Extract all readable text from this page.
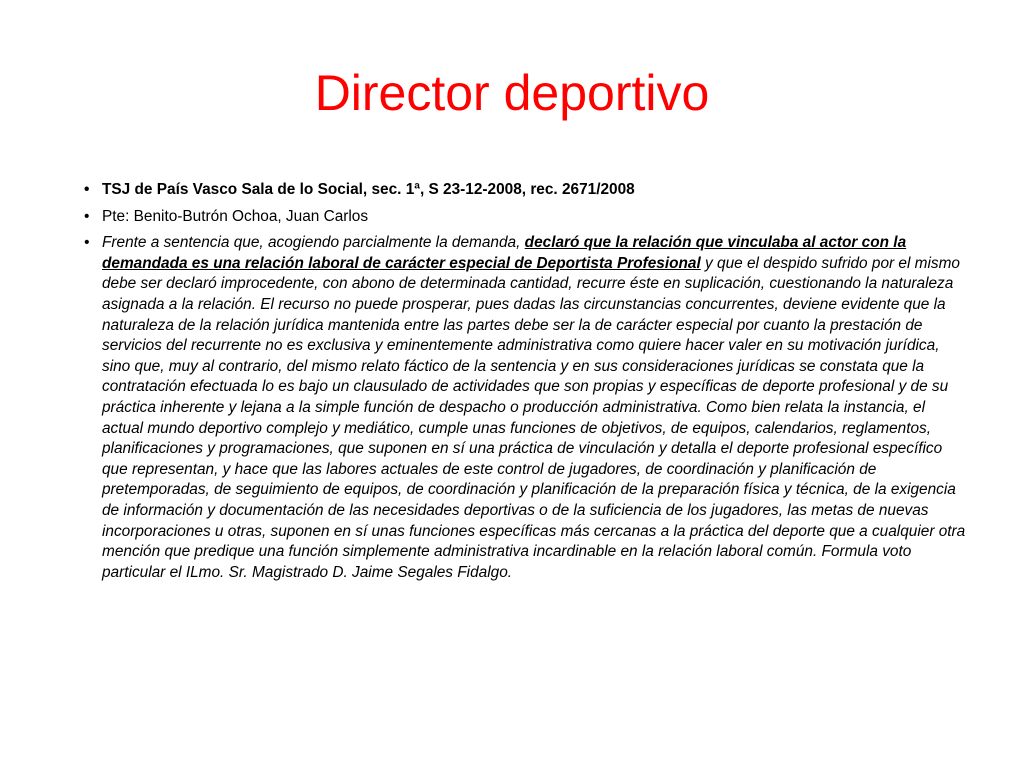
Director deportivo
• TSJ de País Vasco Sala de lo Social, sec. 1ª, S 23-12-2008, rec. 2671/2008
• Pte: Benito-Butrón Ochoa, Juan Carlos
• Frente a sentencia que, acogiendo parcialmente la demanda, declaró que la relación que vinculaba al actor con la demandada es una relación laboral de carácter especial de Deportista Profesional y que el despido sufrido por el mismo debe ser declaró improcedente, con abono de determinada cantidad, recurre éste en suplicación, cuestionando la naturaleza asignada a la relación. El recurso no puede prosperar, pues dadas las circunstancias concurrentes, deviene evidente que la naturaleza de la relación jurídica mantenida entre las partes debe ser la de carácter especial por cuanto la prestación de servicios del recurrente no es exclusiva y eminentemente administrativa como quiere hacer valer en su motivación jurídica, sino que, muy al contrario, del mismo relato fáctico de la sentencia y en sus consideraciones jurídicas se constata que la contratación efectuada lo es bajo un clausulado de actividades que son propias y específicas de deporte profesional y de su práctica inherente y lejana a la simple función de despacho o producción administrativa. Como bien relata la instancia, el actual mundo deportivo complejo y mediático, cumple unas funciones de objetivos, de equipos, calendarios, reglamentos, planificaciones y programaciones, que suponen en sí una práctica de vinculación y detalla el deporte profesional específico que representan, y hace que las labores actuales de este control de jugadores, de coordinación y planificación de pretemporadas, de seguimiento de equipos, de coordinación y planificación de la preparación física y técnica, de la exigencia de información y documentación de las necesidades deportivas o de la suficiencia de los jugadores, las metas de nuevas incorporaciones u otras, suponen en sí unas funciones específicas más cercanas a la práctica del deporte que a cualquier otra mención que predique una función simplemente administrativa incardinable en la relación laboral común. Formula voto particular el ILmo. Sr. Magistrado D. Jaime Segales Fidalgo.
